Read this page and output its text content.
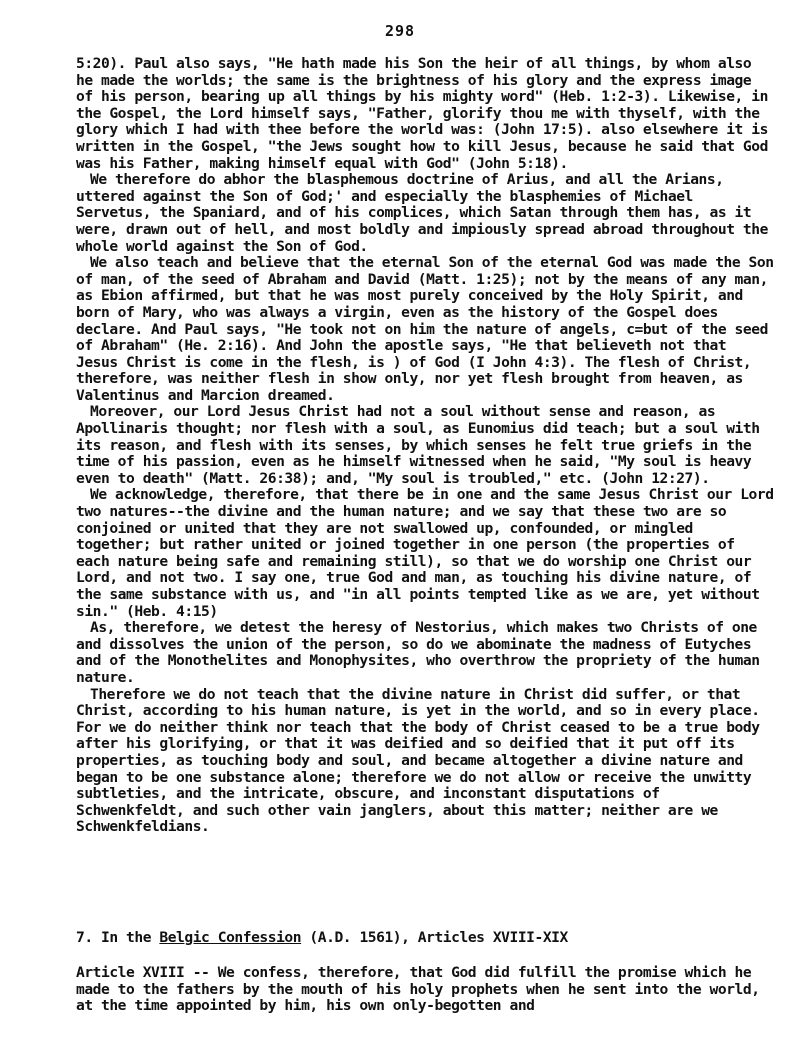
298

5:20). Paul also says, "He hath made his Son the heir of all things, by whom also he made the worlds; the same is the brightness of his glory and the express image of his person, bearing up all things by his mighty word" (Heb. 1:2-3). Likewise, in the Gospel, the Lord himself says, "Father, glorify thou me with thyself, with the glory which I had with thee before the world was: (John 17:5). also elsewhere it is written in the Gospel, "the Jews sought how to kill Jesus, because he said that God was his Father, making himself equal with God" (John 5:18).

We therefore do abhor the blasphemous doctrine of Arius, and all the Arians, uttered against the Son of God;' and especially the blasphemies of Michael Servetus, the Spaniard, and of his complices, which Satan through them has, as it were, drawn out of hell, and most boldly and impiously spread abroad throughout the whole world against the Son of God.

We also teach and believe that the eternal Son of the eternal God was made the Son of man, of the seed of Abraham and David (Matt. 1:25); not by the means of any man, as Ebion affirmed, but that he was most purely conceived by the Holy Spirit, and born of Mary, who was always a virgin, even as the history of the Gospel does declare. And Paul says, "He took not on him the nature of angels, c=but of the seed of Abraham" (He. 2:16). And John the apostle says, "He that believeth not that Jesus Christ is come in the flesh, is ) of God (I John 4:3). The flesh of Christ, therefore, was neither flesh in show only, nor yet flesh brought from heaven, as Valentinus and Marcion dreamed.

Moreover, our Lord Jesus Christ had not a soul without sense and reason, as Apollinaris thought; nor flesh with a soul, as Eunomius did teach; but a soul with its reason, and flesh with its senses, by which senses he felt true griefs in the time of his passion, even as he himself witnessed when he said, "My soul is heavy even to death" (Matt. 26:38); and, "My soul is troubled," etc. (John 12:27).

We acknowledge, therefore, that there be in one and the same Jesus Christ our Lord two natures--the divine and the human nature; and we say that these two are so conjoined or united that they are not swallowed up, confounded, or mingled together; but rather united or joined together in one person (the properties of each nature being safe and remaining still), so that we do worship one Christ our Lord, and not two. I say one, true God and man, as touching his divine nature, of the same substance with us, and "in all points tempted like as we are, yet without sin." (Heb. 4:15)

As, therefore, we detest the heresy of Nestorius, which makes two Christs of one and dissolves the union of the person, so do we abominate the madness of Eutyches and of the Monothelites and Monophysites, who overthrow the propriety of the human nature.

Therefore we do not teach that the divine nature in Christ did suffer, or that Christ, according to his human nature, is yet in the world, and so in every place. For we do neither think nor teach that the body of Christ ceased to be a true body after his glorifying, or that it was deified and so deified that it put off its properties, as touching body and soul, and became altogether a divine nature and began to be one substance alone; therefore we do not allow or receive the unwitty subtleties, and the intricate, obscure, and inconstant disputations of Schwenkfeldt, and such other vain janglers, about this matter; neither are we Schwenkfeldians.

7. In the Belgic Confession (A.D. 1561), Articles XVIII-XIX
Article XVIII -- We confess, therefore, that God did fulfill the promise which he made to the fathers by the mouth of his holy prophets when he sent into the world, at the time appointed by him, his own only-begotten and
